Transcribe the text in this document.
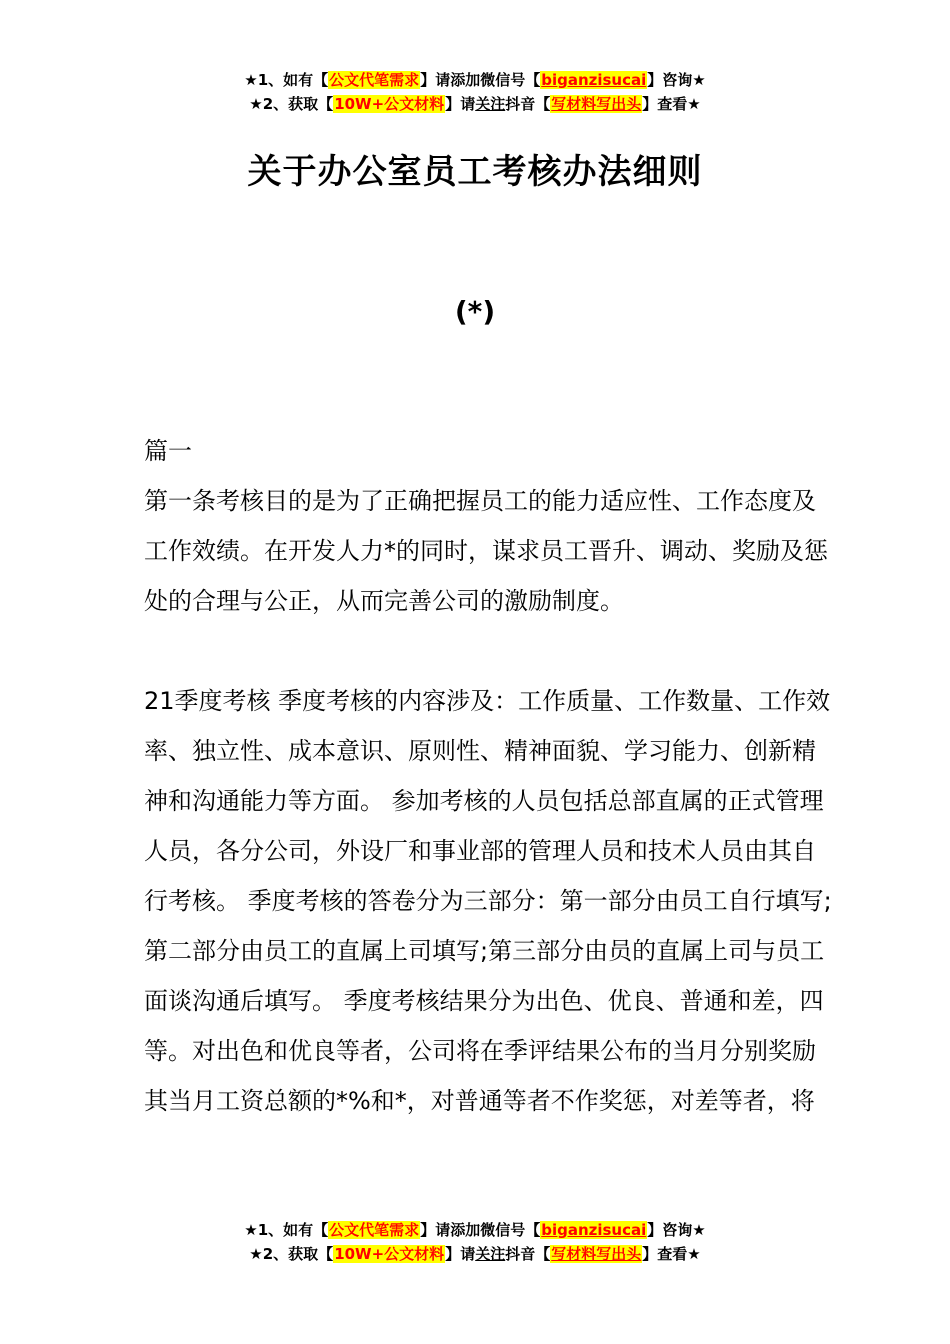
★1、如有【公文代笔需求】请添加微信号【biganzisucai】咨询★
★2、获取【10W+公文材料】请关注抖音【写材料写出头】查看★
关于办公室员工考核办法细则
(*)
篇一

第一条考核目的是为了正确把握员工的能力适应性、工作态度及工作效绩。在开发人力*的同时，谋求员工晋升、调动、奖励及惩处的合理与公正，从而完善公司的激励制度。

21季度考核 季度考核的内容涉及：工作质量、工作数量、工作效率、独立性、成本意识、原则性、精神面貌、学习能力、创新精神和沟通能力等方面。 参加考核的人员包括总部直属的正式管理人员，各分公司，外设厂和事业部的管理人员和技术人员由其自行考核。 季度考核的答卷分为三部分：第一部分由员工自行填写;第二部分由员工的直属上司填写;第三部分由员的直属上司与员工面谈沟通后填写。 季度考核结果分为出色、优良、普通和差，四等。对出色和优良等者，公司将在季评结果公布的当月分别奖励其当月工资总额的*%和*，对普通等者不作奖惩，对差等者，将

★1、如有【公文代笔需求】请添加微信号【biganzisucai】咨询★
★2、获取【10W+公文材料】请关注抖音【写材料写出头】查看★
